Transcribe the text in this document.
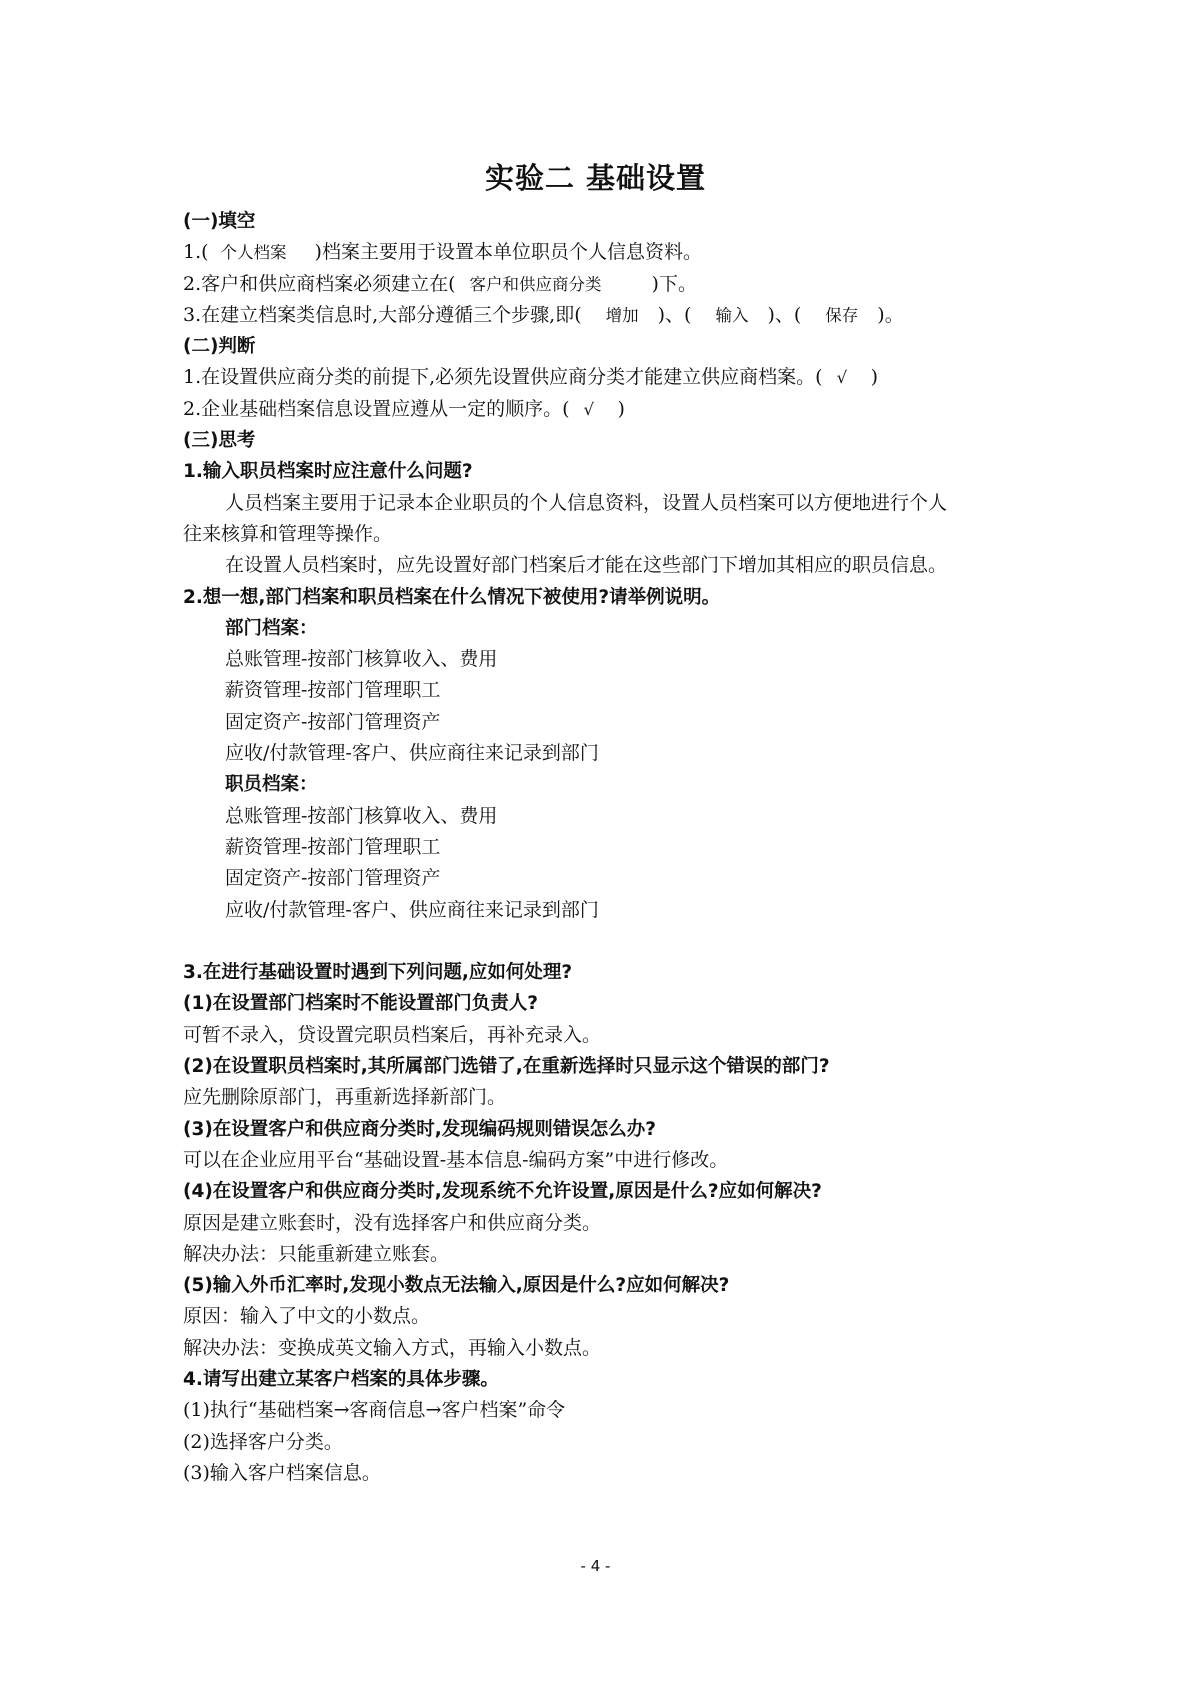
实验二 基础设置
(一)填空
1.( 个人档案 )档案主要用于设置本单位职员个人信息资料。
2.客户和供应商档案必须建立在( 客户和供应商分类	)下。
3.在建立档案类信息时,大部分遵循三个步骤,即( 增加 )、( 输入 )、( 保存 )。
(二)判断
1.在设置供应商分类的前提下,必须先设置供应商分类才能建立供应商档案。( √ )
2.企业基础档案信息设置应遵从一定的顺序。( √ )
(三)思考
1.输入职员档案时应注意什么问题?
人员档案主要用于记录本企业职员的个人信息资料，设置人员档案可以方便地进行个人
往来核算和管理等操作。
在设置人员档案时，应先设置好部门档案后才能在这些部门下增加其相应的职员信息。
2.想一想,部门档案和职员档案在什么情况下被使用?请举例说明。
部门档案：
总账管理-按部门核算收入、费用
薪资管理-按部门管理职工
固定资产-按部门管理资产
应收/付款管理-客户、供应商往来记录到部门
职员档案：
总账管理-按部门核算收入、费用
薪资管理-按部门管理职工
固定资产-按部门管理资产
应收/付款管理-客户、供应商往来记录到部门
3.在进行基础设置时遇到下列问题,应如何处理?
(1)在设置部门档案时不能设置部门负责人?
可暂不录入，贷设置完职员档案后，再补充录入。
(2)在设置职员档案时,其所属部门选错了,在重新选择时只显示这个错误的部门?
应先删除原部门，再重新选择新部门。
(3)在设置客户和供应商分类时,发现编码规则错误怎么办?
可以在企业应用平台“基础设置-基本信息-编码方案”中进行修改。
(4)在设置客户和供应商分类时,发现系统不允许设置,原因是什么?应如何解决?
原因是建立账套时，没有选择客户和供应商分类。
解决办法：只能重新建立账套。
(5)输入外币汇率时,发现小数点无法输入,原因是什么?应如何解决?
原因：输入了中文的小数点。
解决办法：变换成英文输入方式，再输入小数点。
4.请写出建立某客户档案的具体步骤。
(1)执行“基础档案→客商信息→客户档案”命令
(2)选择客户分类。
(3)输入客户档案信息。
- 4 -
